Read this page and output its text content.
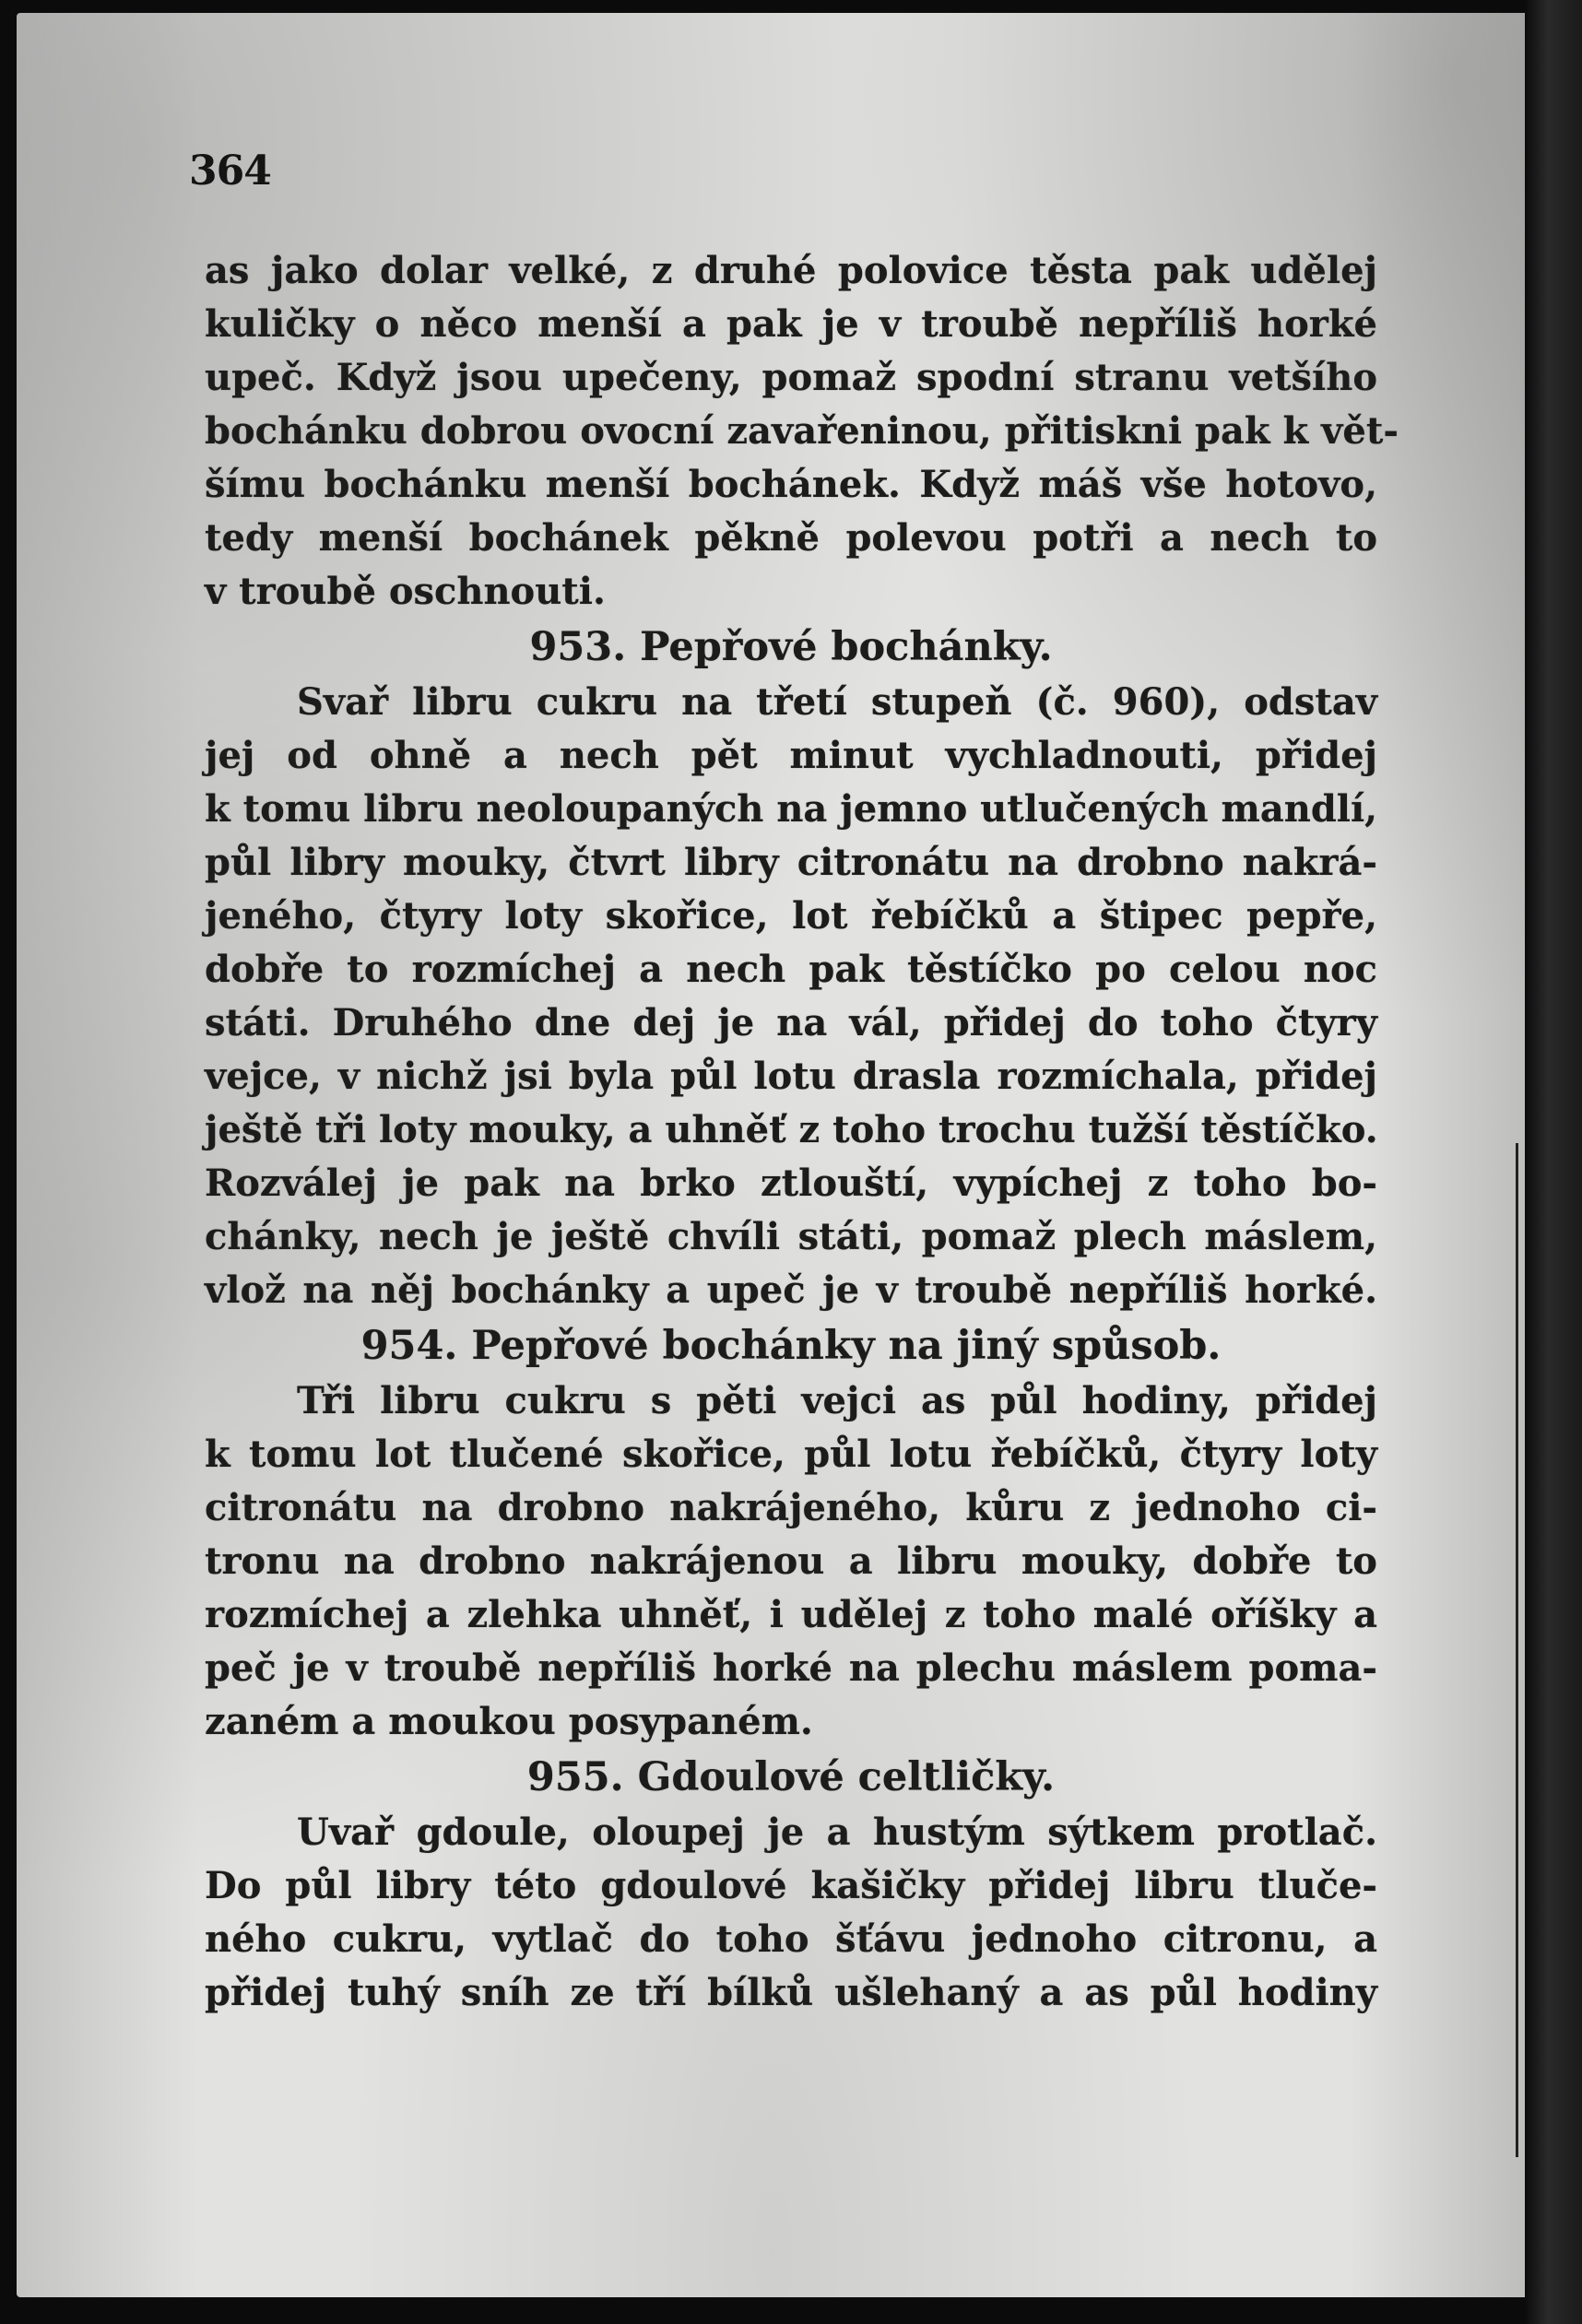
364
as jako dolar velké, z druhé polovice těsta pak udělej
kuličky o něco menší a pak je v troubě nepříliš horké
upeč. Když jsou upečeny, pomaž spodní stranu vetšího
bochánku dobrou ovocní zavařeninou, přitiskni pak k vět-
šímu bochánku menší bochánek. Když máš vše hotovo,
tedy menší bochánek pěkně polevou potři a nech to
v troubě oschnouti.
953. Pepřové bochánky.
Svař libru cukru na třetí stupeň (č. 960), odstav
jej od ohně a nech pět minut vychladnouti, přidej
k tomu libru neoloupaných na jemno utlučených mandlí,
půl libry mouky, čtvrt libry citronátu na drobno nakrá-
jeného, čtyry loty skořice, lot řebíčků a štipec pepře,
dobře to rozmíchej a nech pak těstíčko po celou noc
státi. Druhého dne dej je na vál, přidej do toho čtyry
vejce, v nichž jsi byla půl lotu drasla rozmíchala, přidej
ještě tři loty mouky, a uhněť z toho trochu tužší těstíčko.
Rozválej je pak na brko ztlouští, vypíchej z toho bo-
chánky, nech je ještě chvíli státi, pomaž plech máslem,
vlož na něj bochánky a upeč je v troubě nepříliš horké.
954. Pepřové bochánky na jiný spůsob.
Tři libru cukru s pěti vejci as půl hodiny, přidej
k tomu lot tlučené skořice, půl lotu řebíčků, čtyry loty
citronátu na drobno nakrájeného, kůru z jednoho ci-
tronu na drobno nakrájenou a libru mouky, dobře to
rozmíchej a zlehka uhněť, i udělej z toho malé oříšky a
peč je v troubě nepříliš horké na plechu máslem poma-
zaném a moukou posypaném.
955. Gdoulové celtličky.
Uvař gdoule, oloupej je a hustým sýtkem protlač.
Do půl libry této gdoulové kašičky přidej libru tluče-
ného cukru, vytlač do toho šťávu jednoho citronu, a
přidej tuhý sníh ze tří bílků ušlehaný a as půl hodiny
